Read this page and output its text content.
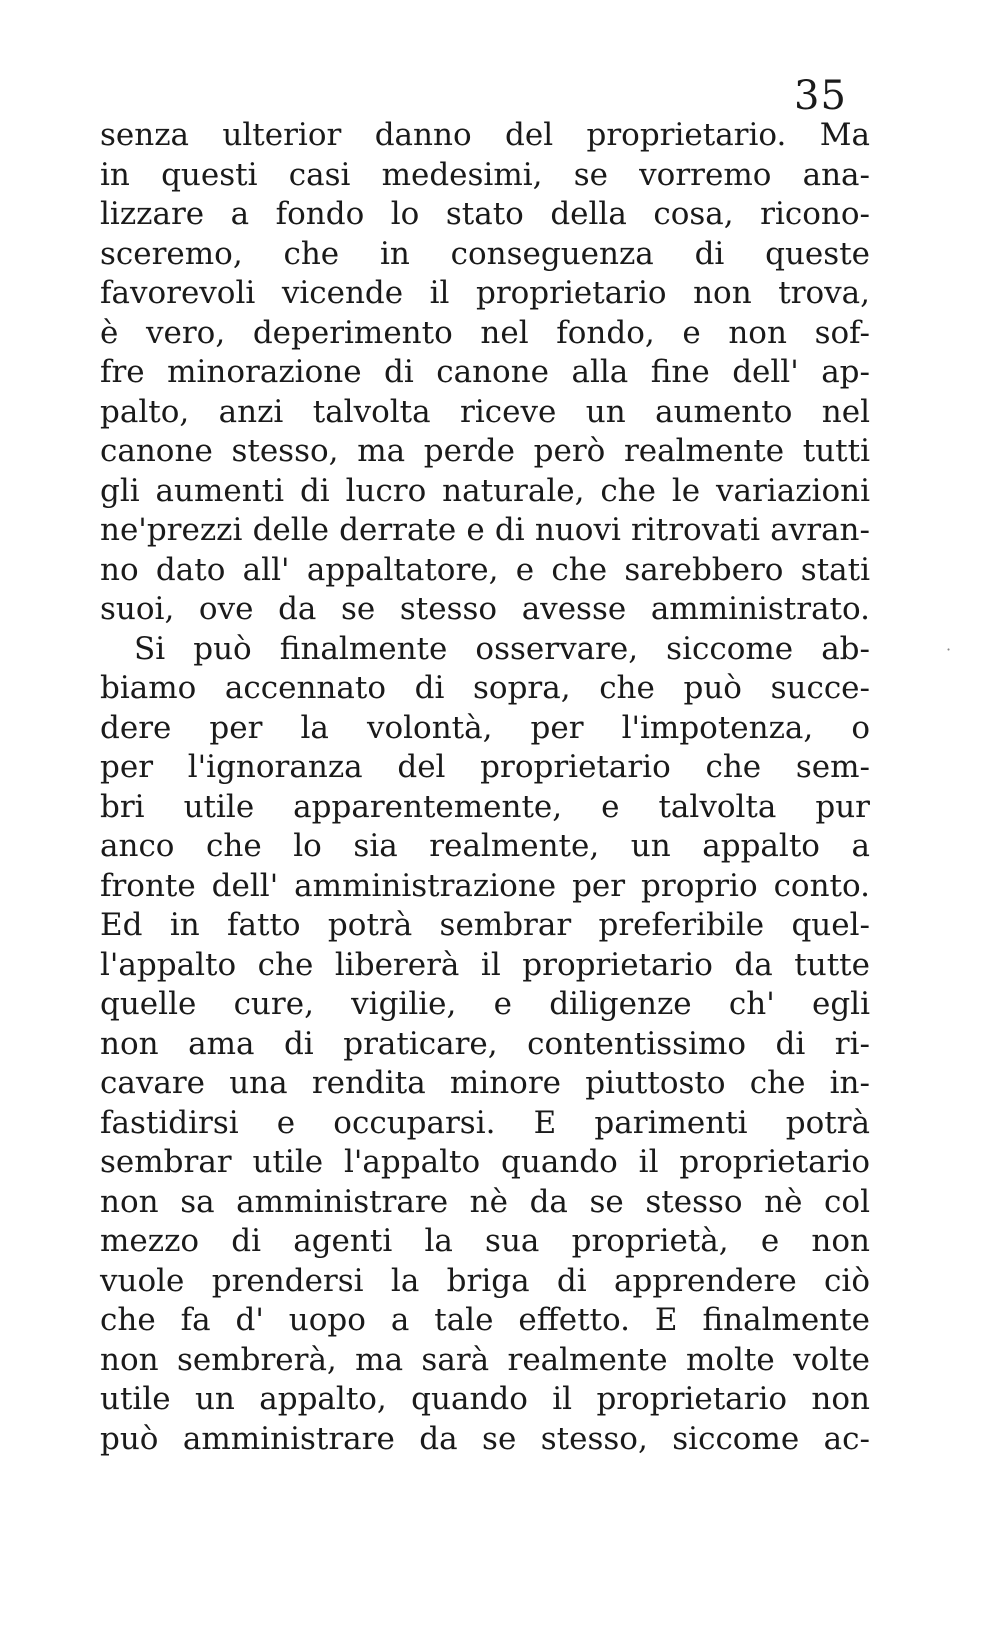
35
·
senza ulterior danno del proprietario. Ma
in questi casi medesimi, se vorremo ana-
lizzare a fondo lo stato della cosa, ricono-
sceremo, che in conseguenza di queste
favorevoli vicende il proprietario non trova,
è vero, deperimento nel fondo, e non sof-
fre minorazione di canone alla fine dell' ap-
palto, anzi talvolta riceve un aumento nel
canone stesso, ma perde però realmente tutti
gli aumenti di lucro naturale, che le variazioni
ne'prezzi delle derrate e di nuovi ritrovati avran-
no dato all' appaltatore, e che sarebbero stati
suoi, ove da se stesso avesse amministrato.
Si può finalmente osservare, siccome ab-
biamo accennato di sopra, che può succe-
dere per la volontà, per l'impotenza, o
per l'ignoranza del proprietario che sem-
bri utile apparentemente, e talvolta pur
anco che lo sia realmente, un appalto a
fronte dell' amministrazione per proprio conto.
Ed in fatto potrà sembrar preferibile quel-
l'appalto che libererà il proprietario da tutte
quelle cure, vigilie, e diligenze ch' egli
non ama di praticare, contentissimo di ri-
cavare una rendita minore piuttosto che in-
fastidirsi e occuparsi. E parimenti potrà
sembrar utile l'appalto quando il proprietario
non sa amministrare nè da se stesso nè col
mezzo di agenti la sua proprietà, e non
vuole prendersi la briga di apprendere ciò
che fa d' uopo a tale effetto. E finalmente
non sembrerà, ma sarà realmente molte volte
utile un appalto, quando il proprietario non
può amministrare da se stesso, siccome ac-
